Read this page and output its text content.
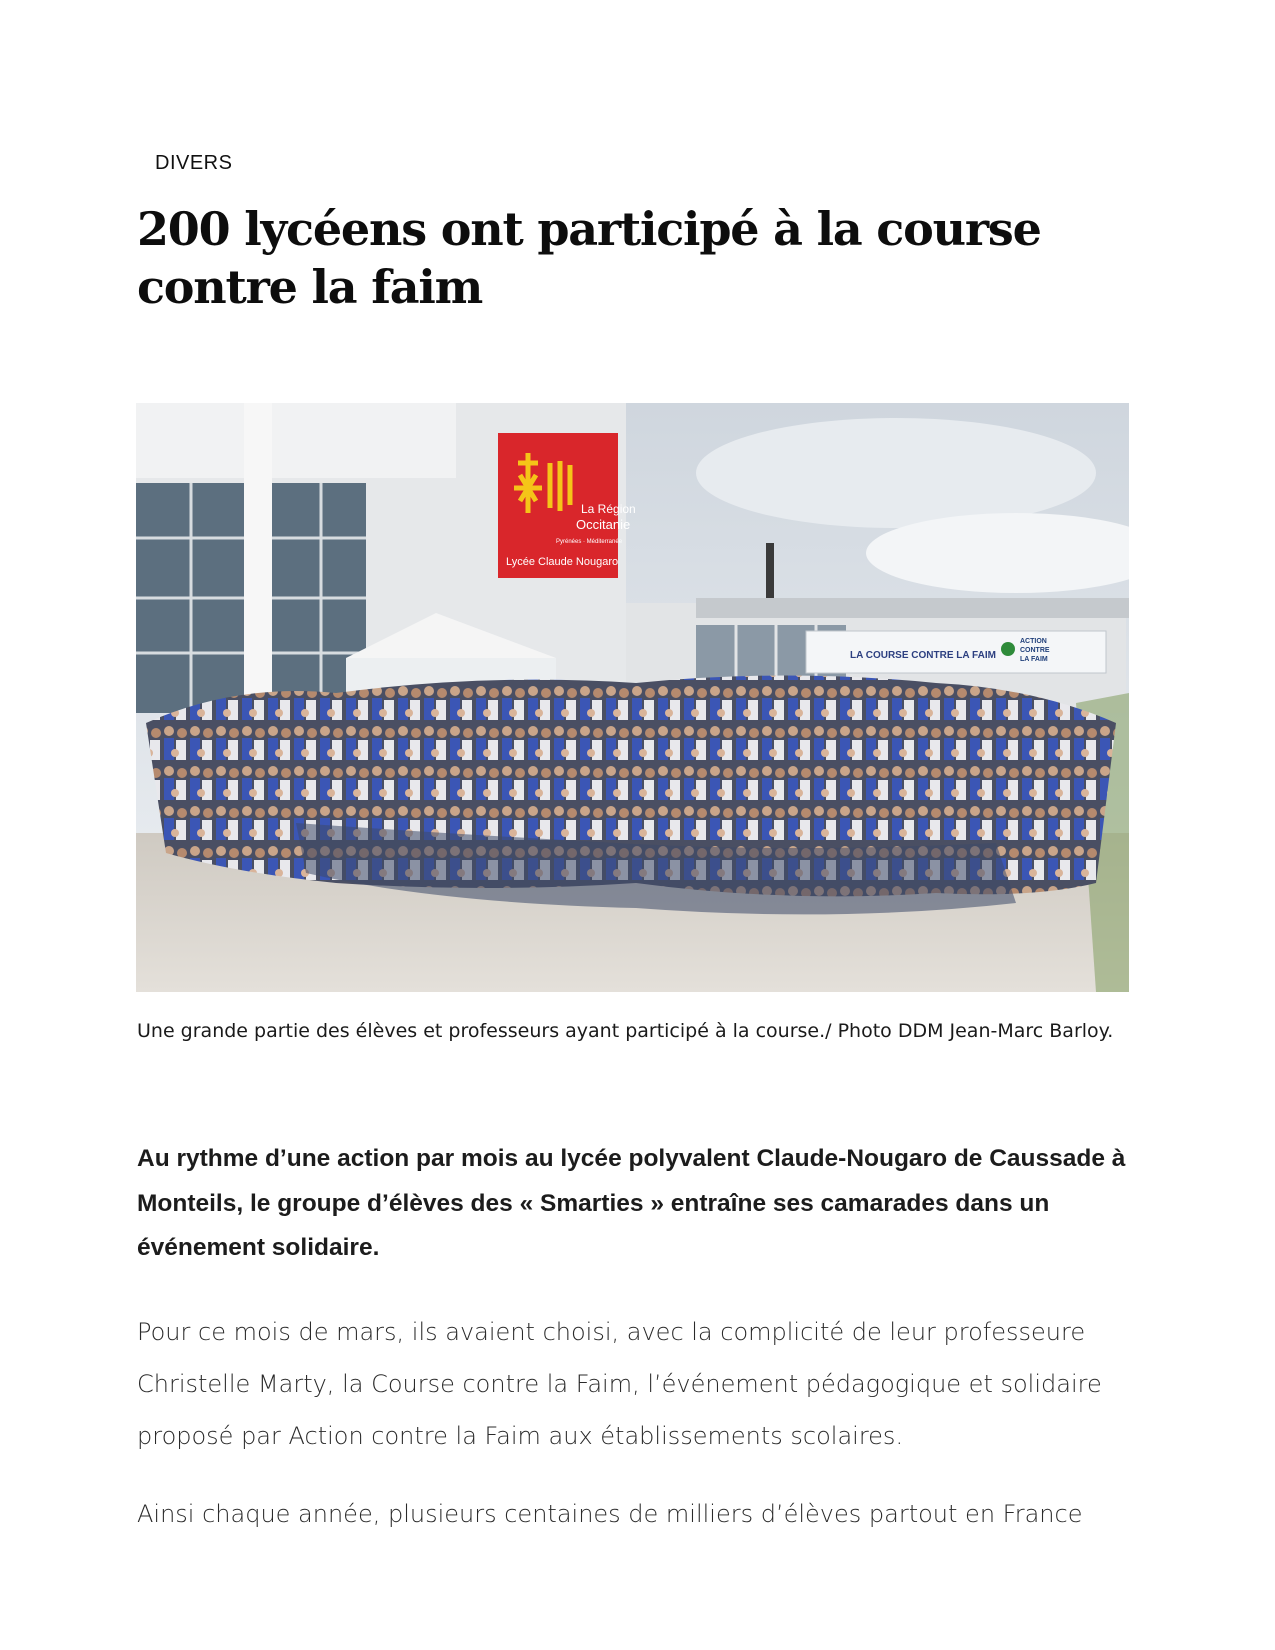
DIVERS
200 lycéens ont participé à la course contre la faim
La Région
Occitanie
Pyrénées · Méditerranée
Lycée Claude Nougaro
LA COURSE CONTRE LA FAIM
ACTION
CONTRE
LA FAIM
Une grande partie des élèves et professeurs ayant participé à la course./ Photo DDM Jean-Marc Barloy.

Au rythme d’une action par mois au lycée polyvalent Claude-Nougaro de Caussade à Monteils, le groupe d’élèves des « Smarties » entraîne ses camarades dans un événement solidaire.

Pour ce mois de mars, ils avaient choisi, avec la complicité de leur professeure Christelle Marty, la Course contre la Faim, l’événement pédagogique et solidaire proposé par Action contre la Faim aux établissements scolaires.

Ainsi chaque année, plusieurs centaines de milliers d’élèves partout en France
